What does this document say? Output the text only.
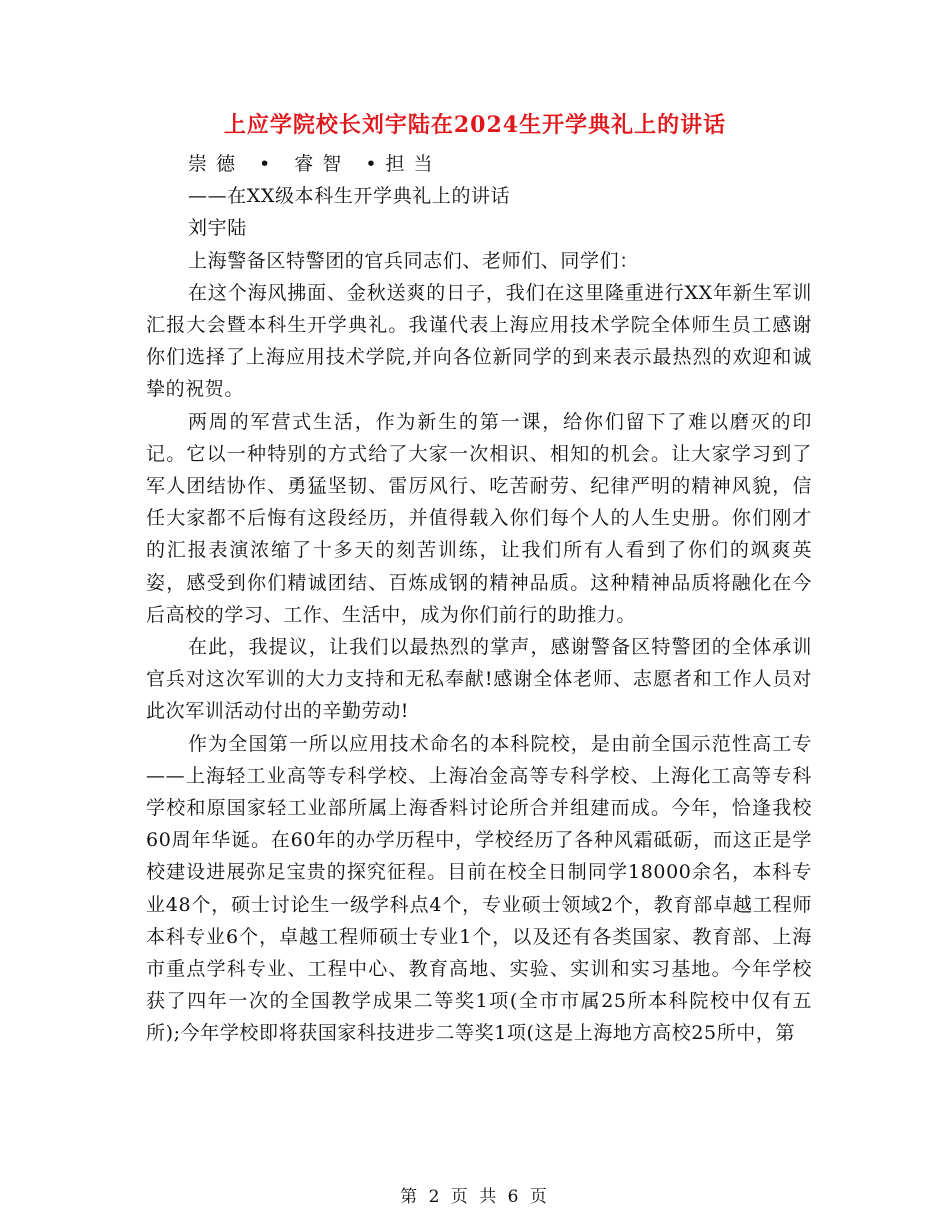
上应学院校长刘宇陆在2024生开学典礼上的讲话

崇德 • 睿智 •担当

——在XX级本科生开学典礼上的讲话

刘宇陆

上海警备区特警团的官兵同志们、老师们、同学们：

在这个海风拂面、金秋送爽的日子，我们在这里隆重进行XX年新生军训汇报大会暨本科生开学典礼。我谨代表上海应用技术学院全体师生员工感谢你们选择了上海应用技术学院,并向各位新同学的到来表示最热烈的欢迎和诚挚的祝贺。

两周的军营式生活，作为新生的第一课，给你们留下了难以磨灭的印记。它以一种特别的方式给了大家一次相识、相知的机会。让大家学习到了军人团结协作、勇猛坚韧、雷厉风行、吃苦耐劳、纪律严明的精神风貌，信任大家都不后悔有这段经历，并值得载入你们每个人的人生史册。你们刚才的汇报表演浓缩了十多天的刻苦训练，让我们所有人看到了你们的飒爽英姿，感受到你们精诚团结、百炼成钢的精神品质。这种精神品质将融化在今后高校的学习、工作、生活中，成为你们前行的助推力。

在此，我提议，让我们以最热烈的掌声，感谢警备区特警团的全体承训官兵对这次军训的大力支持和无私奉献!感谢全体老师、志愿者和工作人员对此次军训活动付出的辛勤劳动!

作为全国第一所以应用技术命名的本科院校，是由前全国示范性高工专——上海轻工业高等专科学校、上海冶金高等专科学校、上海化工高等专科学校和原国家轻工业部所属上海香料讨论所合并组建而成。今年，恰逢我校60周年华诞。在60年的办学历程中，学校经历了各种风霜砥砺，而这正是学校建设进展弥足宝贵的探究征程。目前在校全日制同学18000余名，本科专业48个，硕士讨论生一级学科点4个，专业硕士领域2个，教育部卓越工程师本科专业6个，卓越工程师硕士专业1个，以及还有各类国家、教育部、上海市重点学科专业、工程中心、教育高地、实验、实训和实习基地。今年学校获了四年一次的全国教学成果二等奖1项(全市市属25所本科院校中仅有五所);今年学校即将获国家科技进步二等奖1项(这是上海地方高校25所中，第

第 2 页 共 6 页
